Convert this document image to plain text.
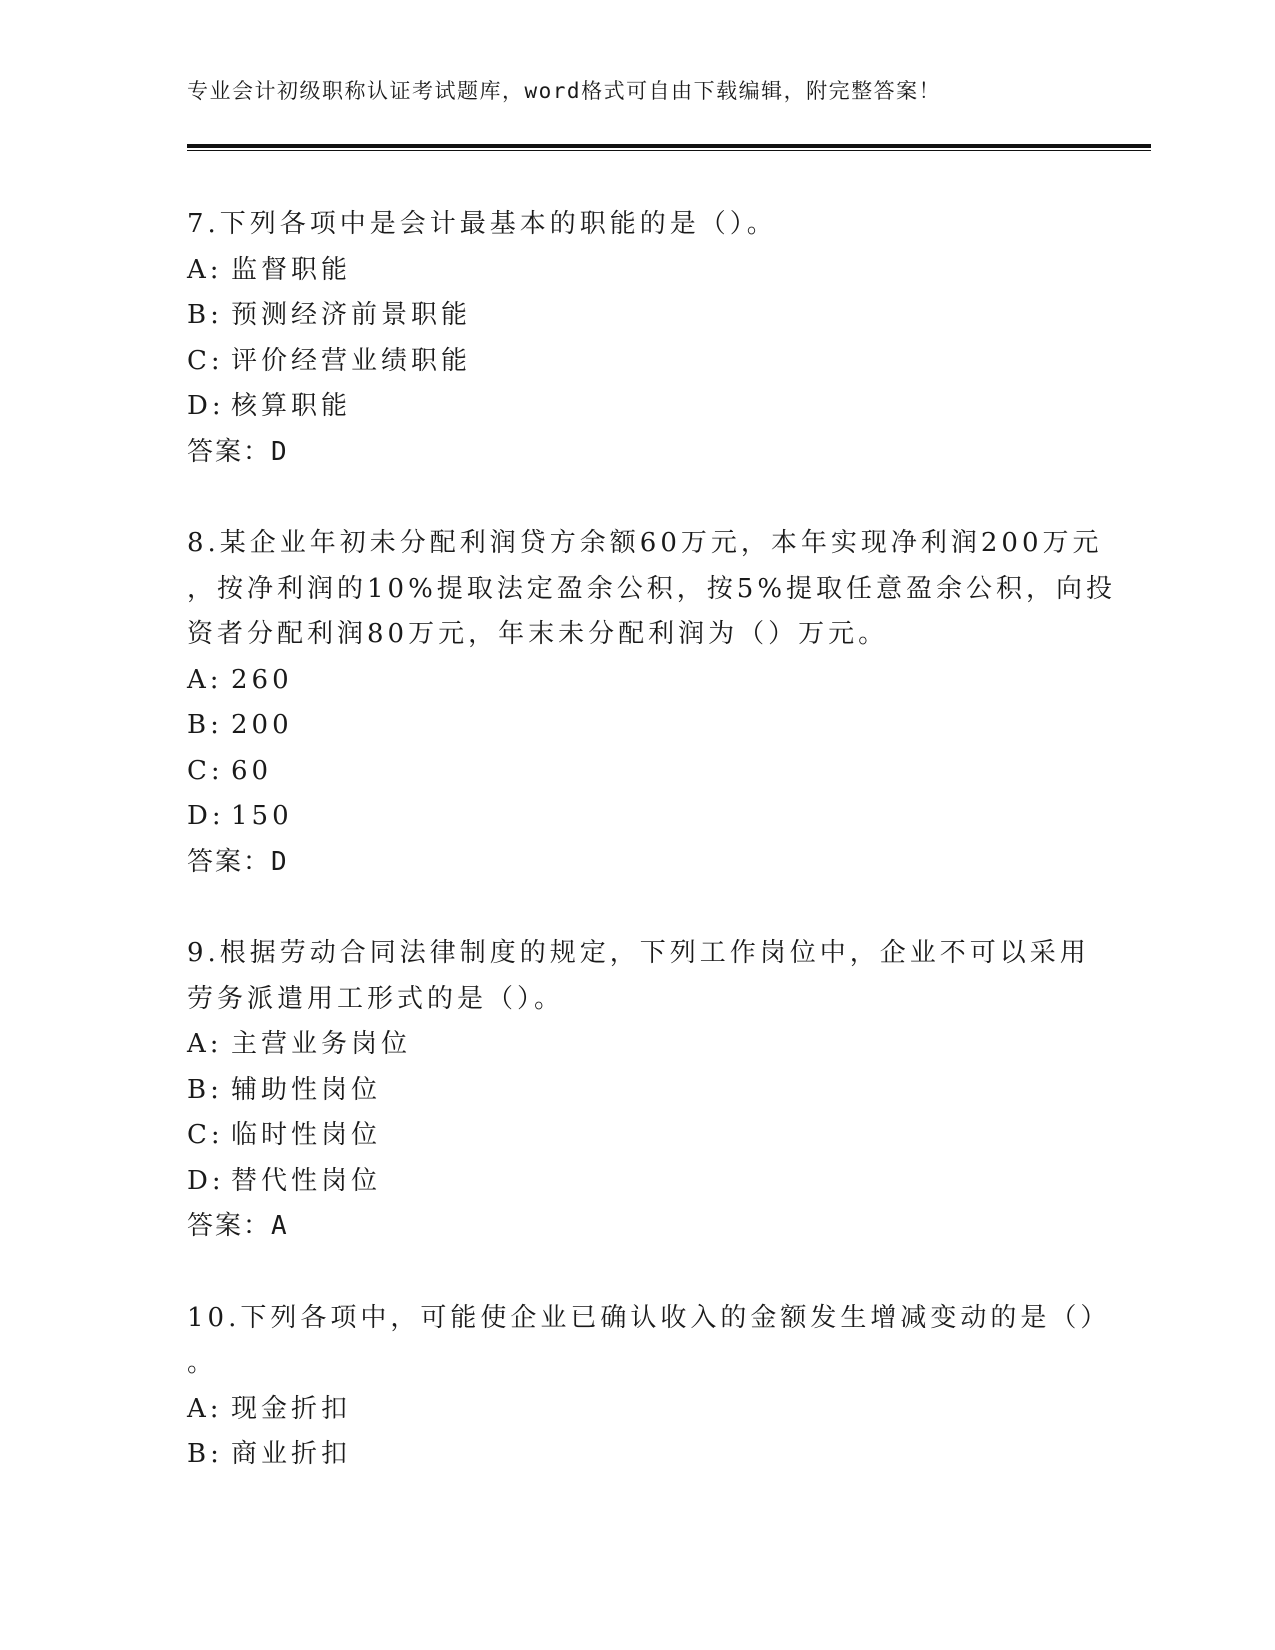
专业会计初级职称认证考试题库，word格式可自由下载编辑，附完整答案！
7.下列各项中是会计最基本的职能的是（）。
A: 监督职能
B: 预测经济前景职能
C: 评价经营业绩职能
D: 核算职能
答案：D
8.某企业年初未分配利润贷方余额60万元，本年实现净利润200万元
，按净利润的10%提取法定盈余公积，按5%提取任意盈余公积，向投
资者分配利润80万元，年末未分配利润为（）万元。
A: 260
B: 200
C: 60
D: 150
答案：D
9.根据劳动合同法律制度的规定，下列工作岗位中，企业不可以采用
劳务派遣用工形式的是（）。
A: 主营业务岗位
B: 辅助性岗位
C: 临时性岗位
D: 替代性岗位
答案：A
10.下列各项中，可能使企业已确认收入的金额发生增减变动的是（）
。
A: 现金折扣
B: 商业折扣
